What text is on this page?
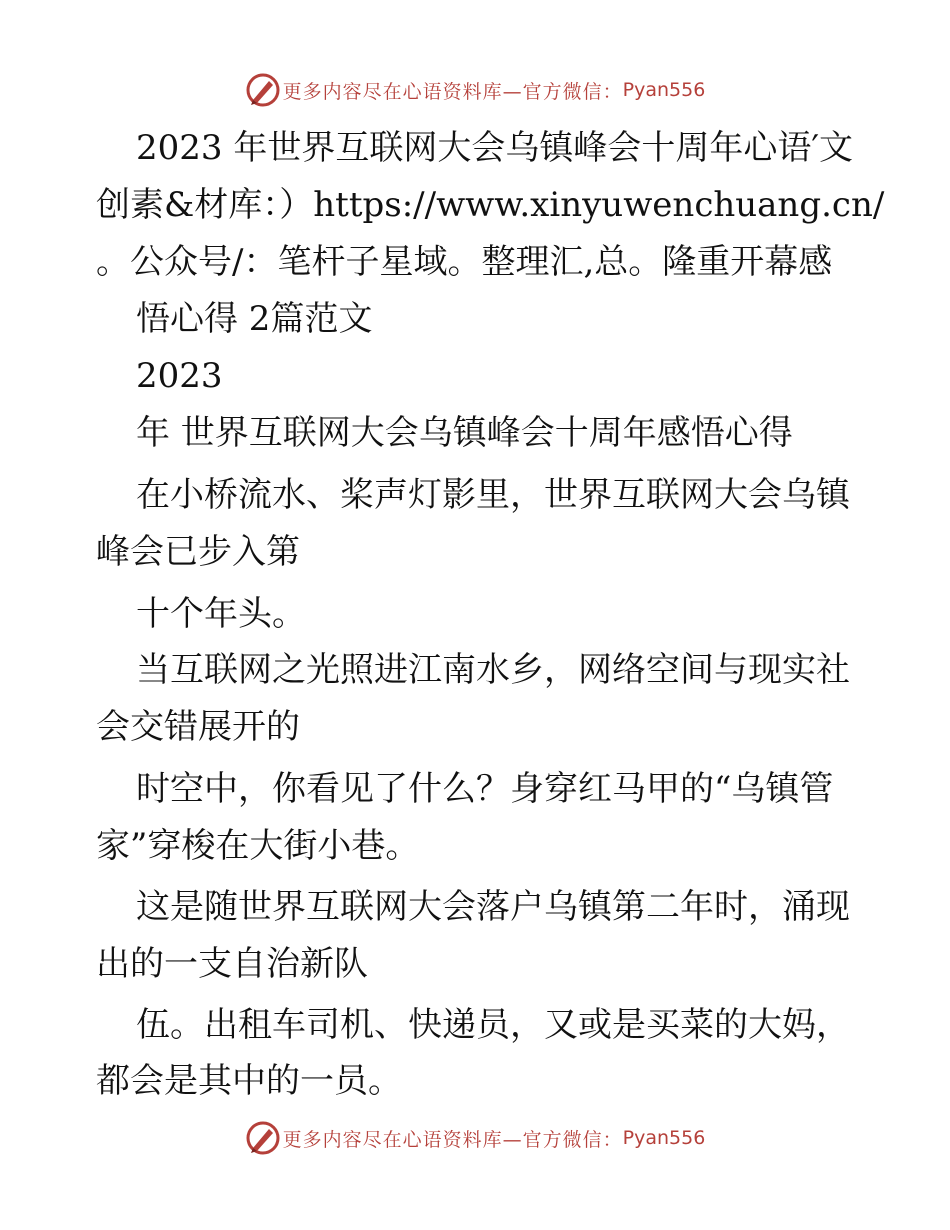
更多内容尽在心语资料库—官方微信： Pyan556
2023 年世界互联网大会乌镇峰会十周年心语′文
创素&材库：）https://www.xinyuwenchuang.cn/
。公众号/：笔杆子星域。整理汇,总。隆重开幕感
悟心得 2篇范文
2023
年 世界互联网大会乌镇峰会十周年感悟心得
在小桥流水、桨声灯影里，世界互联网大会乌镇
峰会已步入第
十个年头。
当互联网之光照进江南水乡，网络空间与现实社
会交错展开的
时空中，你看见了什么？身穿红马甲的“乌镇管
家”穿梭在大街小巷。
这是随世界互联网大会落户乌镇第二年时，涌现
出的一支自治新队
伍。出租车司机、快递员，又或是买菜的大妈，
都会是其中的一员。
更多内容尽在心语资料库—官方微信： Pyan556
